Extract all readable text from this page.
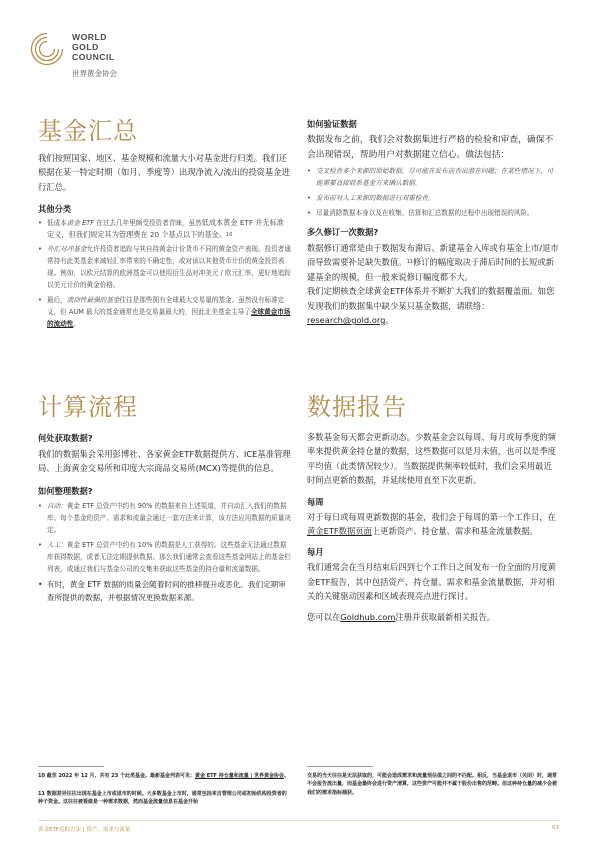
WORLD
GOLD
COUNCIL
世界黄金协会
基金汇总
我们按照国家、地区、基金规模和流量大小对基金进行归类。我们还根据在某一特定时期（如月、季度等）出现净流入/流出的投资基金进行汇总。
其他分类
• 低成本黄金 ETF 在过去几年里颇受投资者青睐，虽然低成本黄金 ETF 并无标准定义，但我们规定其为管理费在 20 个基点以下的基金。$^{10}$
• 外汇对冲基金允许投资者追踪与其自持黄金计价货币不同的黄金资产表现。投资者通常持有此类基金来减轻汇率带来的不确定性，或对该以其他货币计价的黄金投资表现。例如，以欧元结算的欧洲基金可以使用衍生品对冲美元 / 欧元汇率，更好地追踪以美元计价的黄金价格。
• 最后，流动性最强的基金往往是那些拥有全球最大交易量的基金。虽然没有标准定义，但 AUM 最大的基金通常也是交易量最大的，因此北美基金主导了全球黄金市场的流动性。
计算流程
何处获取数据?
我们的数据集会采用彭博社、各家黄金ETF数据提供方、ICE基准管理局、上海黄金交易所和印度大宗商品交易所(MCX)等提供的信息。
如何整理数据?
• 自动：黄金 ETF 总资产中约有 90% 的数据来自上述渠道，并自动汇入我们的数据库。每个基金的资产、需求和流量会通过一套方法来计算，该方法应用数据的质量决定。
• 人工：黄金 ETF 总资产中约有 10% 的数据是人工获得的。这些基金无法通过数据库获得数据，或者无法定期提供数据。那么我们通常会查看这些基金网站上的基金栏列表，或通过我们与基金公司的交集来获取这些基金的持仓量和流量数据。
• 有时，黄金 ETF 数据的质量会随着时间的推移提升或恶化。我们定期审查所提供的数据，并根据情况更换数据来源。
如何验证数据
数据发布之前，我们会对数据集进行严格的检验和审查，确保不会出现错误，帮助用户对数据建立信心。做法包括：
• 交叉检查多个来源的原始数据，尽可能在发布前查出潜在问题；在某些情况下，可能需要直接联系基金方来确认数据。
• 发布前对人工来源的数据进行双重检查。
• 尽量消除数据本身以及在收集、估算和汇总数据的过程中出现错误的风险。
多久修订一次数据?
数据修订通常是由于数据发布滞后、新建基金入库或有基金上市/退市而导致需要补足缺失数值。$^{11}$修订的幅度取决于滞后时间的长短或新建基金的规模，但一般来说修订幅度都不大。
我们定期核查全球黄金ETF体系并不断扩大我们的数据覆盖面。如您发现我们的数据集中缺少某只基金数据，请联络：research@gold.org。
数据报告
多数基金每天都会更新动态。少数基金会以每周、每月或每季度的频率来提供黄金持仓量的数据，这些数据可以是月末值，也可以是季度平均值（此类情况较少）。当数据提供频率较低时，我们会采用最近时间点更新的数据，并延续使用直至下次更新。
每周
对于每日或每周更新数据的基金，我们会于每周的第一个工作日，在黄金ETF数据页面上更新资产、持仓量、需求和基金流量数据。
每月
我们通常会在当月结束后四到七个工作日之间发布一份全面的月度黄金ETF报告，其中包括资产、持仓量、需求和基金流量数据，并对相关的关键驱动因素和区域表现亮点进行探讨。
您可以在Goldhub.com注册并获取最新相关报告。
10 截至 2022 年 12 月，共有 23 个此类基金。最新基金列表可见：黄金 ETF 持仓量和流量 | 世界黄金协会。
11 数据差异往往出现在基金上市或退市的时候。大多数基金上市时，通常包括来自管理公司或初始机构投资者的种子资金。这往往被看做是一种需求数据，然而基金流量信息在基金开始
交易的当天往往是无法获取的，可能会造成需求和流量预估值之间的不匹配。相反，当基金退市（关闭）时，通常不会报告流出量，而基金最终会进行资产清算，这些资产可能并不属于股份出售的范畴。但这种持仓量的减少会被我们的需求指标捕获。
黄金ETF追踪方法 | 资产、需求与流量	03
